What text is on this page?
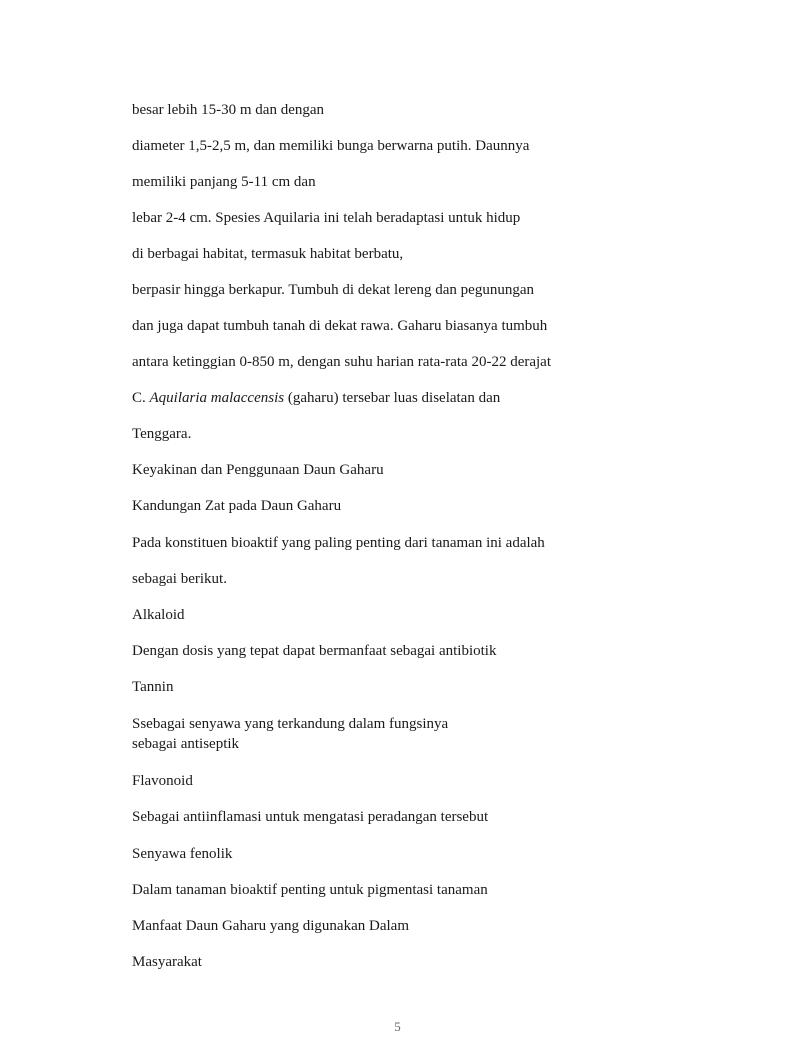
besar lebih 15-30 m dan dengan
diameter 1,5-2,5 m, dan memiliki bunga berwarna putih. Daunnya
memiliki panjang 5-11 cm dan
lebar 2-4 cm. Spesies Aquilaria ini telah beradaptasi untuk hidup
di berbagai habitat, termasuk habitat berbatu,
berpasir hingga berkapur. Tumbuh di dekat lereng dan pegunungan
dan juga dapat tumbuh tanah di dekat rawa. Gaharu biasanya tumbuh
antara ketinggian 0-850 m, dengan suhu harian rata-rata 20-22 derajat
C. Aquilaria malaccensis (gaharu) tersebar luas diselatan dan
Tenggara.
Keyakinan dan Penggunaan Daun Gaharu
Kandungan Zat pada Daun Gaharu
Pada konstituen bioaktif yang paling penting dari tanaman ini adalah
sebagai berikut.
Alkaloid
Dengan dosis yang tepat dapat bermanfaat sebagai antibiotik
Tannin
Ssebagai senyawa yang terkandung dalam fungsinya
sebagai antiseptik
Flavonoid
Sebagai antiinflamasi untuk mengatasi peradangan tersebut
Senyawa fenolik
Dalam tanaman bioaktif penting untuk pigmentasi tanaman
Manfaat Daun Gaharu yang digunakan Dalam
Masyarakat
5
